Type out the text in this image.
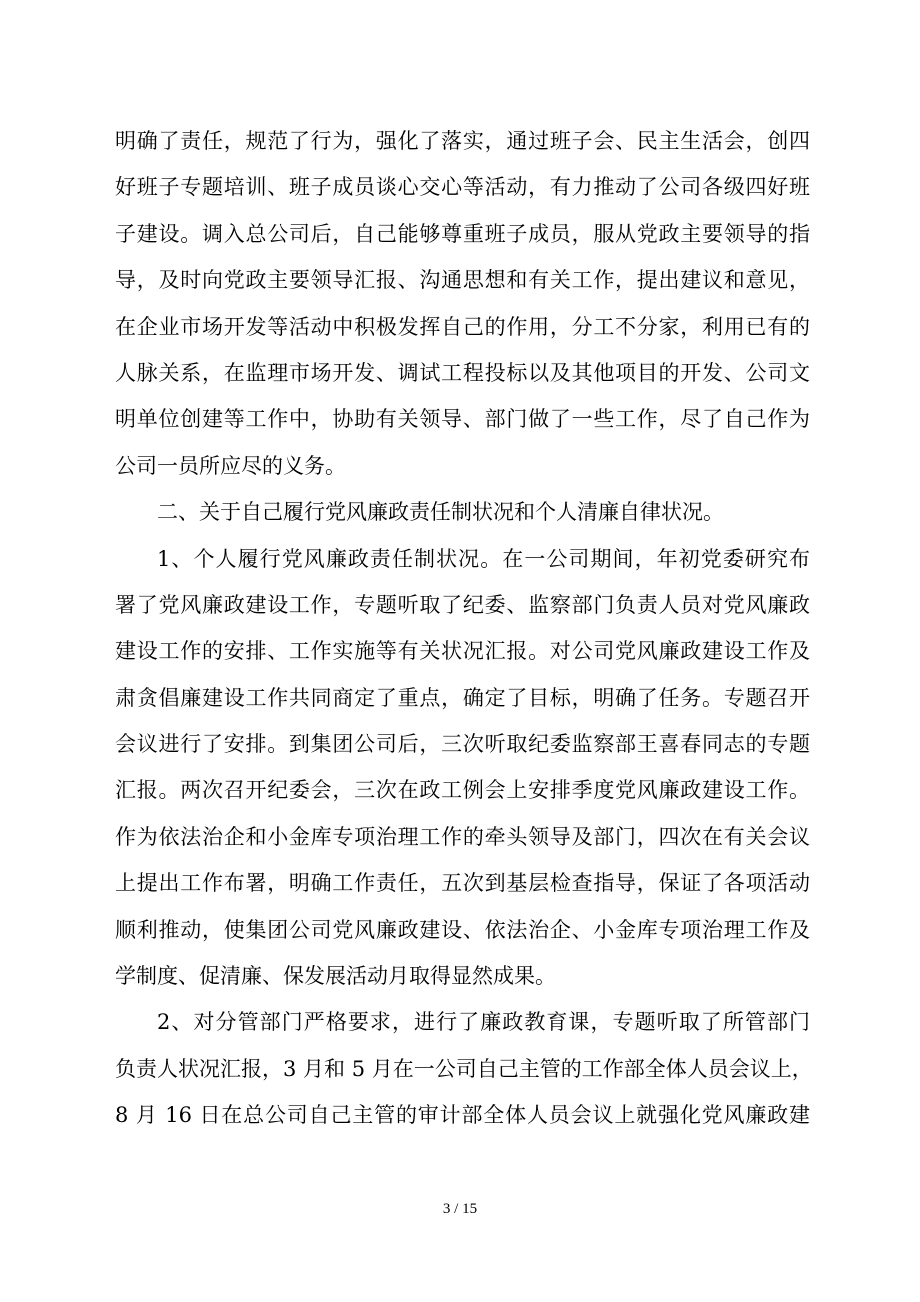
明确了责任，规范了行为，强化了落实，通过班子会、民主生活会，创四
好班子专题培训、班子成员谈心交心等活动，有力推动了公司各级四好班
子建设。调入总公司后，自己能够尊重班子成员，服从党政主要领导的指
导，及时向党政主要领导汇报、沟通思想和有关工作，提出建议和意见，
在企业市场开发等活动中积极发挥自己的作用，分工不分家，利用已有的
人脉关系，在监理市场开发、调试工程投标以及其他项目的开发、公司文
明单位创建等工作中，协助有关领导、部门做了一些工作，尽了自己作为
公司一员所应尽的义务。
二、关于自己履行党风廉政责任制状况和个人清廉自律状况。
1、个人履行党风廉政责任制状况。在一公司期间，年初党委研究布
署了党风廉政建设工作，专题听取了纪委、监察部门负责人员对党风廉政
建设工作的安排、工作实施等有关状况汇报。对公司党风廉政建设工作及
肃贪倡廉建设工作共同商定了重点，确定了目标，明确了任务。专题召开
会议进行了安排。到集团公司后，三次听取纪委监察部王喜春同志的专题
汇报。两次召开纪委会，三次在政工例会上安排季度党风廉政建设工作。
作为依法治企和小金库专项治理工作的牵头领导及部门，四次在有关会议
上提出工作布署，明确工作责任，五次到基层检查指导，保证了各项活动
顺利推动，使集团公司党风廉政建设、依法治企、小金库专项治理工作及
学制度、促清廉、保发展活动月取得显然成果。
2、对分管部门严格要求，进行了廉政教育课，专题听取了所管部门
负责人状况汇报，3 月和 5 月在一公司自己主管的工作部全体人员会议上，
8 月 16 日在总公司自己主管的审计部全体人员会议上就强化党风廉政建
3 / 15
